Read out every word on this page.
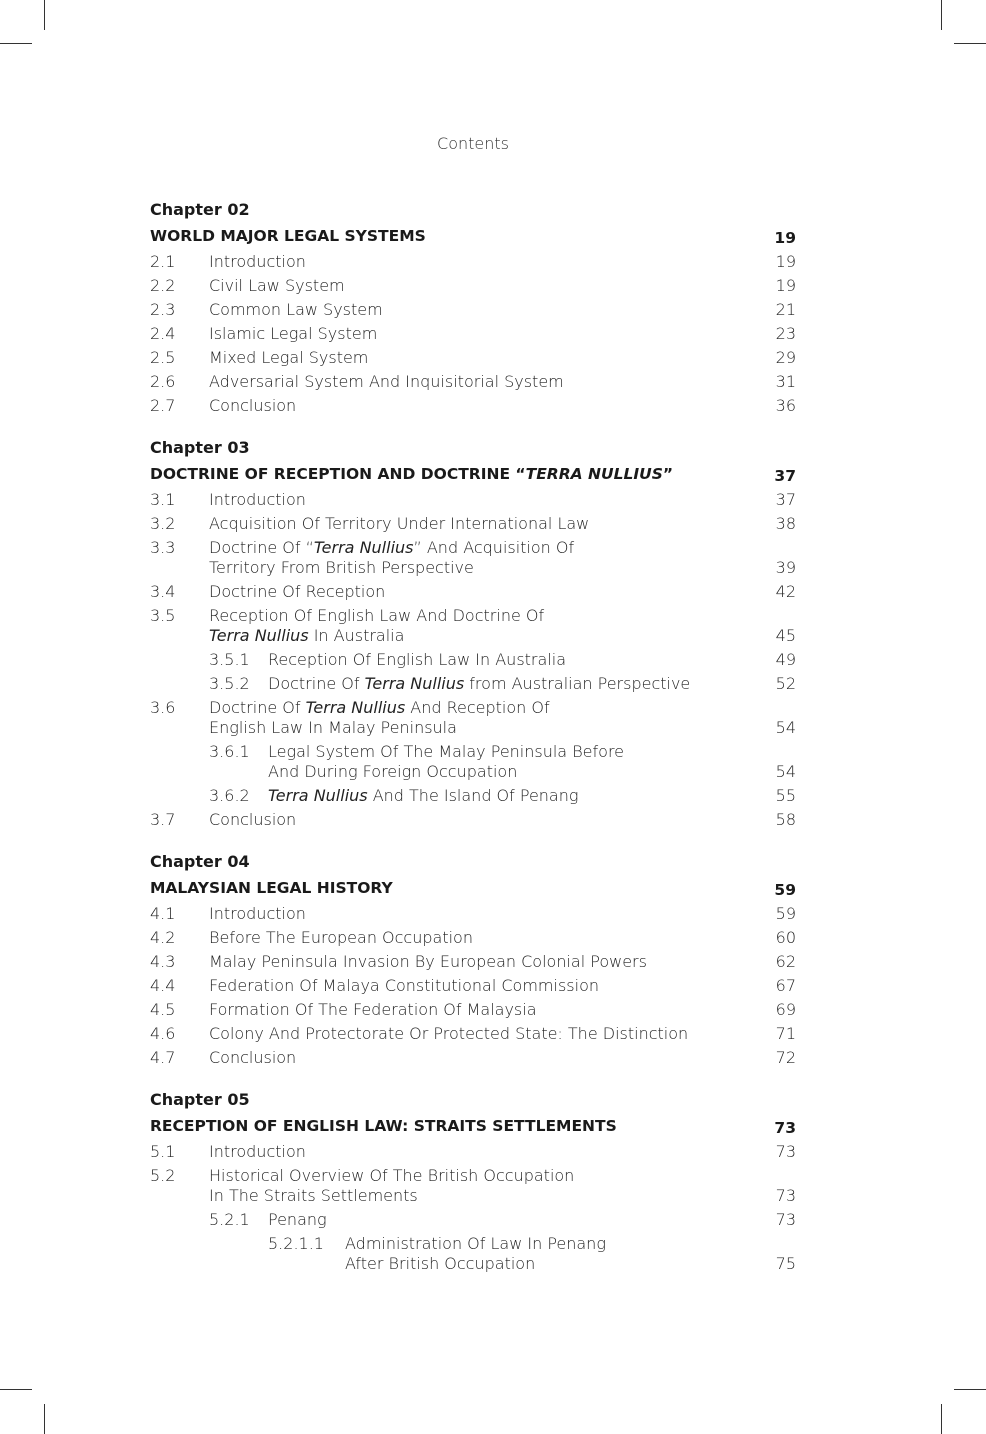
Contents
Chapter 02
WORLD MAJOR LEGAL SYSTEMS	19
2.1	Introduction	19
2.2	Civil Law System	19
2.3	Common Law System	21
2.4	Islamic Legal System	23
2.5	Mixed Legal System	29
2.6	Adversarial System And Inquisitorial System	31
2.7	Conclusion	36
Chapter 03
DOCTRINE OF RECEPTION AND DOCTRINE “TERRA NULLIUS”	37
3.1	Introduction	37
3.2	Acquisition Of Territory Under International Law	38
3.3	Doctrine Of “Terra Nullius” And Acquisition Of
Territory From British Perspective	39
3.4	Doctrine Of Reception	42
3.5	Reception Of English Law And Doctrine Of
Terra Nullius In Australia	45
3.5.1	Reception Of English Law In Australia	49
3.5.2	Doctrine Of Terra Nullius from Australian Perspective	52
3.6	Doctrine Of Terra Nullius And Reception Of
English Law In Malay Peninsula	54
3.6.1	Legal System Of The Malay Peninsula Before
And During Foreign Occupation	54
3.6.2	Terra Nullius And The Island Of Penang	55
3.7	Conclusion	58
Chapter 04
MALAYSIAN LEGAL HISTORY	59
4.1	Introduction	59
4.2	Before The European Occupation	60
4.3	Malay Peninsula Invasion By European Colonial Powers	62
4.4	Federation Of Malaya Constitutional Commission	67
4.5	Formation Of The Federation Of Malaysia	69
4.6	Colony And Protectorate Or Protected State: The Distinction	71
4.7	Conclusion	72
Chapter 05
RECEPTION OF ENGLISH LAW: STRAITS SETTLEMENTS	73
5.1	Introduction	73
5.2	Historical Overview Of The British Occupation
In The Straits Settlements	73
5.2.1	Penang	73
5.2.1.1	Administration Of Law In Penang
After British Occupation	75
